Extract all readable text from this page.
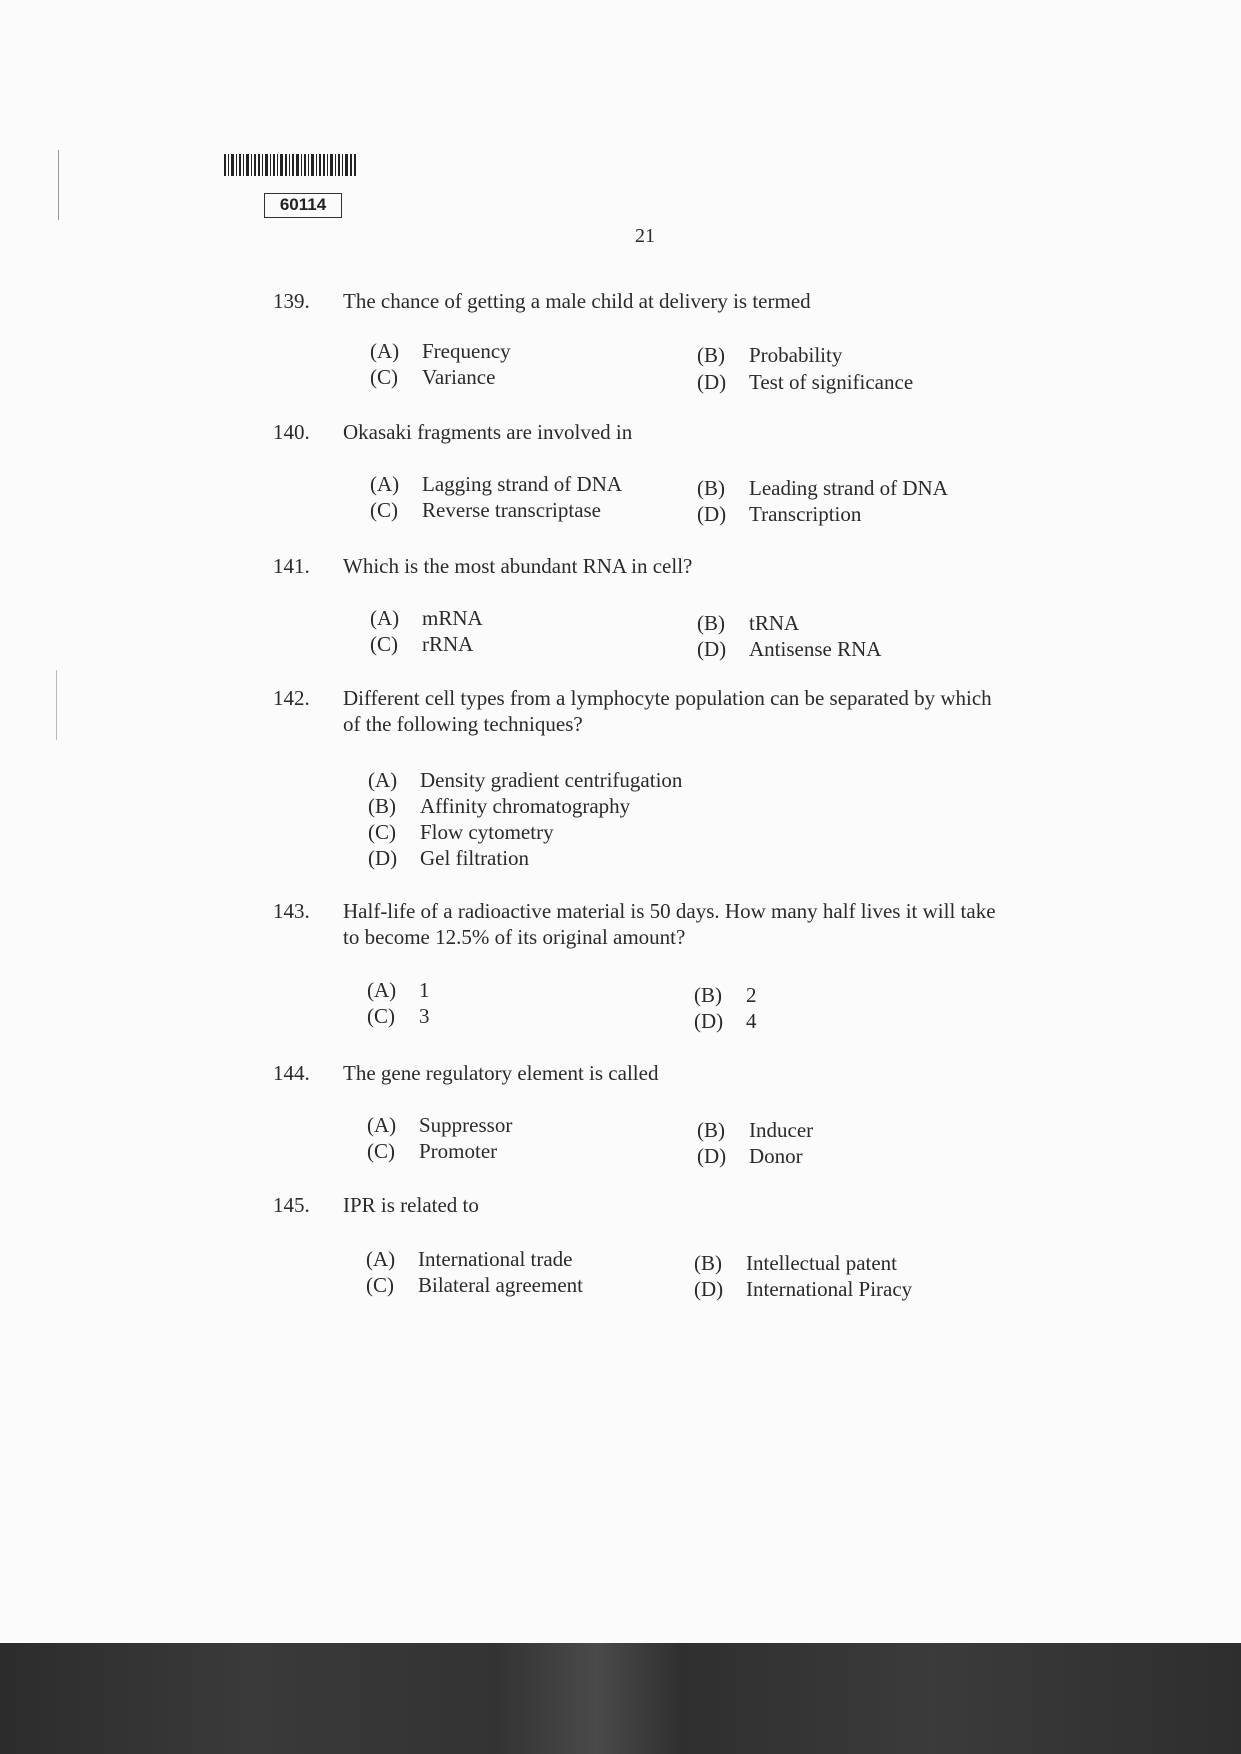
60114
21
139. The chance of getting a male child at delivery is termed
(A) Frequency	(B) Probability
(C) Variance	(D) Test of significance
140. Okasaki fragments are involved in
(A) Lagging strand of DNA	(B) Leading strand of DNA
(C) Reverse transcriptase	(D) Transcription
141. Which is the most abundant RNA in cell?
(A) mRNA	(B) tRNA
(C) rRNA	(D) Antisense RNA
142. Different cell types from a lymphocyte population can be separated by which of the following techniques?
(A) Density gradient centrifugation
(B) Affinity chromatography
(C) Flow cytometry
(D) Gel filtration
143. Half-life of a radioactive material is 50 days. How many half lives it will take to become 12.5% of its original amount?
(A) 1	(B) 2
(C) 3	(D) 4
144. The gene regulatory element is called
(A) Suppressor	(B) Inducer
(C) Promoter	(D) Donor
145. IPR is related to
(A) International trade	(B) Intellectual patent
(C) Bilateral agreement	(D) International Piracy
